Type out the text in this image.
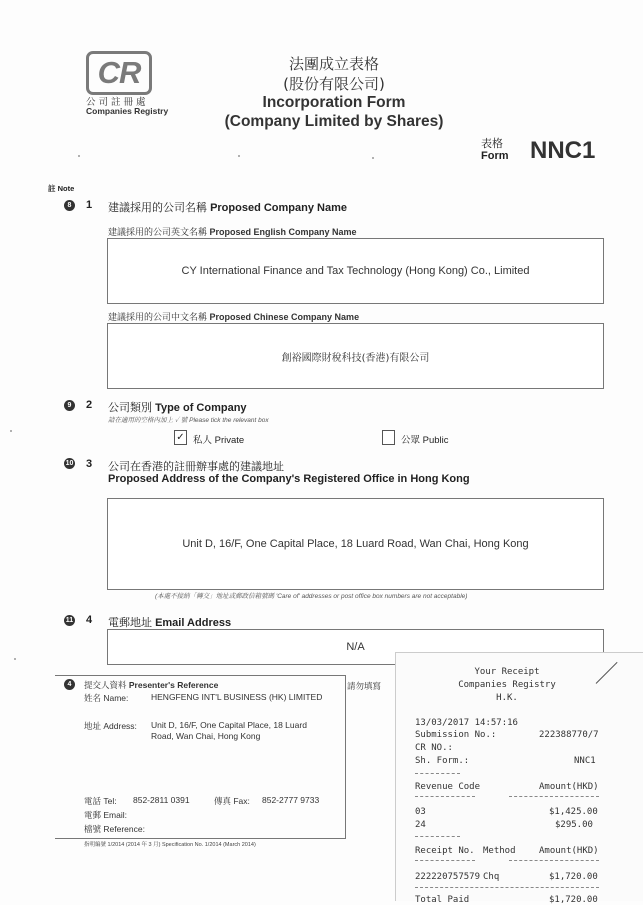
CR
公司註冊處
Companies Registry
法團成立表格
(股份有限公司)
Incorporation Form
(Company Limited by Shares)
表格
Form NNC1
註 Note
8	1 建議採用的公司名稱 Proposed Company Name
建議採用的公司英文名稱 Proposed English Company Name
CY International Finance and Tax Technology (Hong Kong) Co., Limited
建議採用的公司中文名稱 Proposed Chinese Company Name
創裕國際財稅科技(香港)有限公司
9	2 公司類別 Type of Company
請在適用的空格內加上 ✓ 號 Please tick the relevant box
✓ 私人 Private	公眾 Public
10 3 公司在香港的註冊辦事處的建議地址
Proposed Address of the Company's Registered Office in Hong Kong
Unit D, 16/F, One Capital Place, 18 Luard Road, Wan Chai, Hong Kong
(本處不接納「轉交」地址或郵政信箱號碼 'Care of' addresses or post office box numbers are not acceptable)
11 4 電郵地址 Email Address
N/A
4	提交人資料 Presenter's Reference	請勿填寫
姓名 Name:	HENGFENG INT'L BUSINESS (HK) LIMITED
地址 Address: Unit D, 16/F, One Capital Place, 18 Luard
Road, Wan Chai, Hong Kong
電話 Tel: 852-2811 0391	傳真 Fax: 852-2777 9733
電郵 Email:
檔號 Reference:
指明編號 1/2014 (2014 年 3 月) Specification No. 1/2014 (March 2014)
Your Receipt
Companies Registry
H.K.
13/03/2017 14:57:16
Submission No.:	222388770/7
CR NO.:
Sh. Form.:	NNC1
Revenue Code	Amount(HKD)
03	$1,425.00
24	$295.00
Receipt No. Method	Amount(HKD)
222220757579 Chq	$1,720.00
Total Paid	$1,720.00
